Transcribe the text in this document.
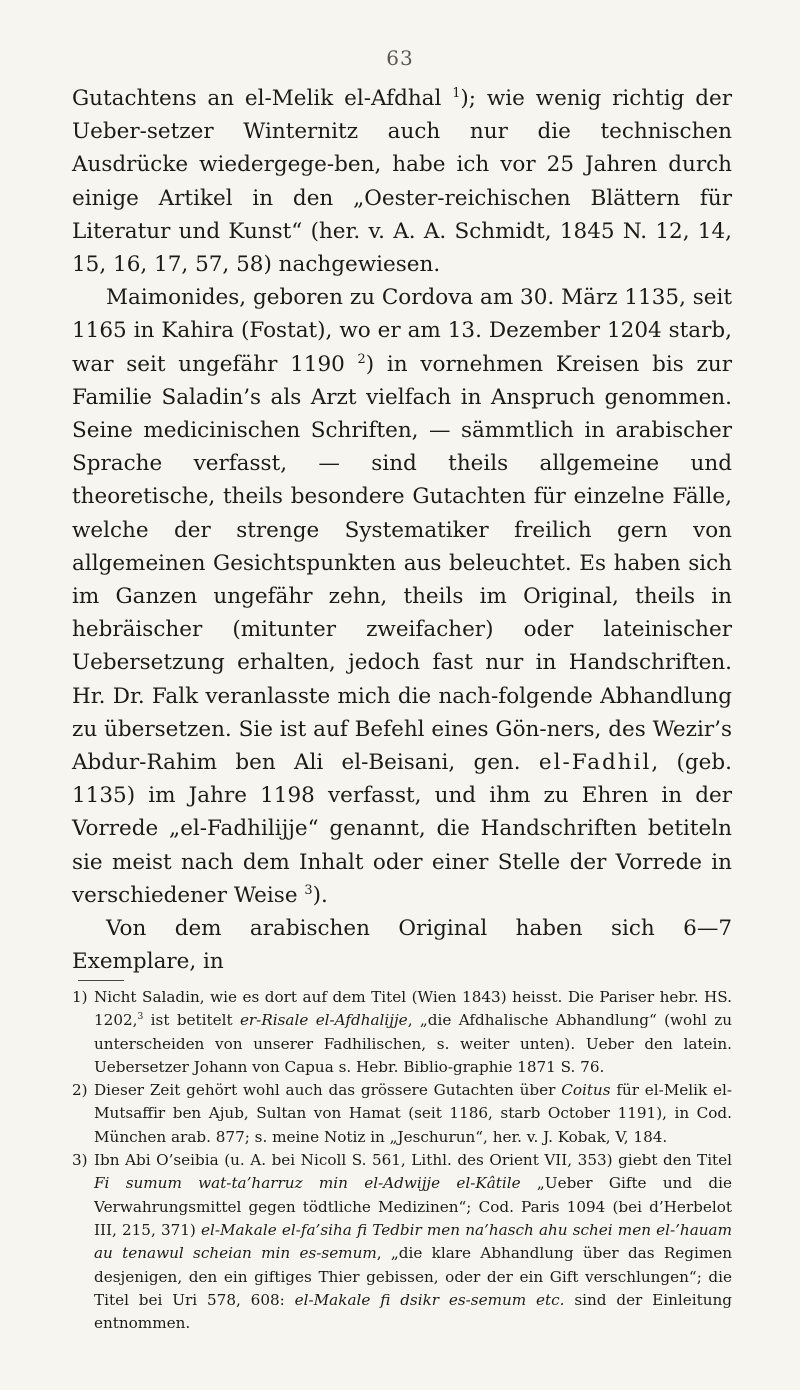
63

Gutachtens an el-Melik el-Afdhal $^1$); wie wenig richtig der Ueber-setzer Winternitz auch nur die technischen Ausdrücke wiedergege-ben, habe ich vor 25 Jahren durch einige Artikel in den „Oester-reichischen Blättern für Literatur und Kunst“ (her. v. A. A. Schmidt, 1845 N. 12, 14, 15, 16, 17, 57, 58) nachgewiesen.

Maimonides, geboren zu Cordova am 30. März 1135, seit 1165 in Kahira (Fostat), wo er am 13. Dezember 1204 starb, war seit ungefähr 1190 $^2$) in vornehmen Kreisen bis zur Familie Saladin’s als Arzt vielfach in Anspruch genommen. Seine medicinischen Schriften, — sämmtlich in arabischer Sprache verfasst, — sind theils allgemeine und theoretische, theils besondere Gutachten für einzelne Fälle, welche der strenge Systematiker freilich gern von allgemeinen Gesichtspunkten aus beleuchtet. Es haben sich im Ganzen ungefähr zehn, theils im Original, theils in hebräischer (mitunter zweifacher) oder lateinischer Uebersetzung erhalten, jedoch fast nur in Handschriften. Hr. Dr. Falk veranlasste mich die nach-folgende Abhandlung zu übersetzen. Sie ist auf Befehl eines Gön-ners, des Wezir’s Abdur-Rahim ben Ali el-Beisani, gen. el-Fadhil, (geb. 1135) im Jahre 1198 verfasst, und ihm zu Ehren in der Vorrede „el-Fadhilijje“ genannt, die Handschriften betiteln sie meist nach dem Inhalt oder einer Stelle der Vorrede in verschiedener Weise $^3$).

Von dem arabischen Original haben sich 6—7 Exemplare, in

1) Nicht Saladin, wie es dort auf dem Titel (Wien 1843) heisst. Die Pariser hebr. HS. 1202,$^3$ ist betitelt er-Risale el-Afdhalijje, „die Afdhalische Abhandlung“ (wohl zu unterscheiden von unserer Fadhilischen, s. weiter unten). Ueber den latein. Uebersetzer Johann von Capua s. Hebr. Biblio-graphie 1871 S. 76.

2) Dieser Zeit gehört wohl auch das grössere Gutachten über Coitus für el-Melik el-Mutsaffir ben Ajub, Sultan von Hamat (seit 1186, starb October 1191), in Cod. München arab. 877; s. meine Notiz in „Jeschurun“, her. v. J. Kobak, V, 184.

3) Ibn Abi O’seibia (u. A. bei Nicoll S. 561, Lithl. des Orient VII, 353) giebt den Titel Fi sumum wat-ta’harruz min el-Adwijje el-Kâtile „Ueber Gifte und die Verwahrungsmittel gegen tödtliche Medizinen“; Cod. Paris 1094 (bei d’Herbelot III, 215, 371) el-Makale el-fa’siha fi Tedbir men na’hasch ahu schei men el-’hauam au tenawul scheian min es-semum, „die klare Abhandlung über das Regimen desjenigen, den ein giftiges Thier gebissen, oder der ein Gift verschlungen“; die Titel bei Uri 578, 608: el-Makale fi dsikr es-semum etc. sind der Einleitung entnommen.
